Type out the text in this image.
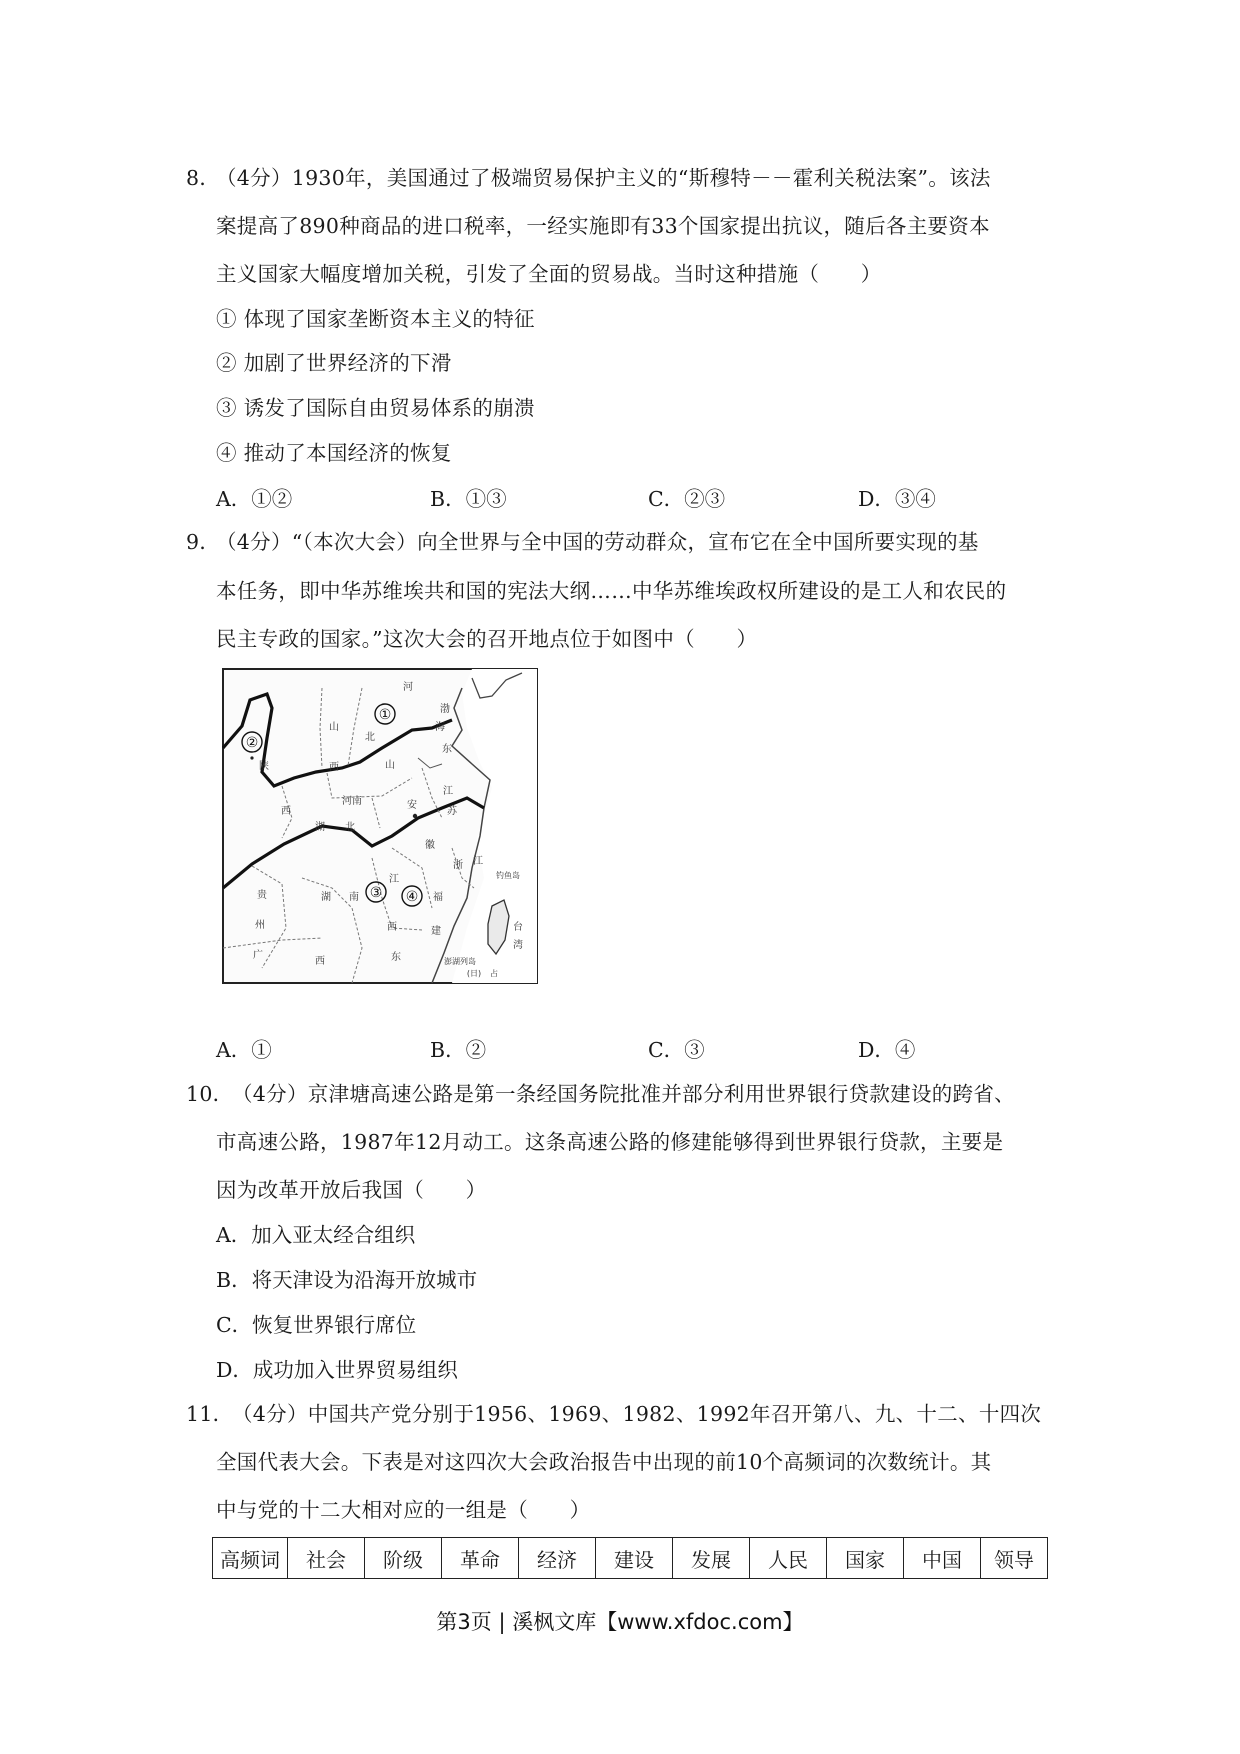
8．
（4分）1930年，美国通过了极端贸易保护主义的“斯穆特－－霍利关税法案”。该法
案提高了890种商品的进口税率，一经实施即有33个国家提出抗议，随后各主要资本
主义国家大幅度增加关税，引发了全面的贸易战。当时这种措施（　　）
① 体现了国家垄断资本主义的特征
② 加剧了世界经济的下滑
③ 诱发了国际自由贸易体系的崩溃
④ 推动了本国经济的恢复
A．①②	B．①③	C．②③	D．③④
9．
（4分）“（本次大会）向全世界与全中国的劳动群众，宣布它在全中国所要实现的基
本任务，即中华苏维埃共和国的宪法大纲……中华苏维埃政权所建设的是工人和农民的
民主专政的国家。”这次大会的召开地点位于如图中（　　）
①
②
③ ④
山
陕	西
河
北
渤
海
东
山
河南	安
江
苏
西
湖 北
徽
浙 江
贵
州
湖 南
江
福
西	建
广
西	东
台
湾
钓鱼岛
澎湖列岛
(日) 占
A．①	B．②	C．③	D．④
10．
（4分）京津塘高速公路是第一条经国务院批准并部分利用世界银行贷款建设的跨省、
市高速公路，1987年12月动工。这条高速公路的修建能够得到世界银行贷款，主要是
因为改革开放后我国（　　）
A．加入亚太经合组织
B．将天津设为沿海开放城市
C．恢复世界银行席位
D．成功加入世界贸易组织
11．
（4分）中国共产党分别于1956、1969、1982、1992年召开第八、九、十二、十四次
全国代表大会。下表是对这四次大会政治报告中出现的前10个高频词的次数统计。其
中与党的十二大相对应的一组是（　　）
高频词	社会	阶级	革命	经济	建设	发展	人民	国家	中国	领导
第3页 | 溪枫文库【www.xfdoc.com】
